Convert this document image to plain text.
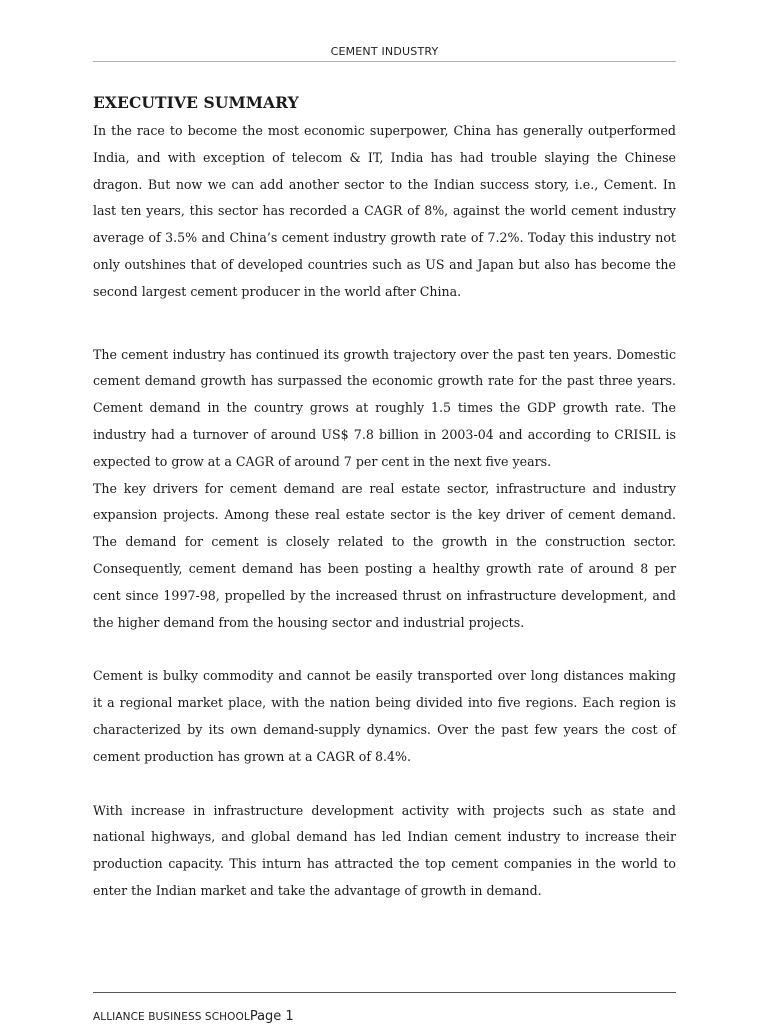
CEMENT INDUSTRY
EXECUTIVE SUMMARY

In the race to become the most economic superpower, China has generally outperformed India, and with exception of telecom & IT, India has had trouble slaying the Chinese dragon. But now we can add another sector to the Indian success story, i.e., Cement. In last ten years, this sector has recorded a CAGR of 8%, against the world cement industry average of 3.5% and China’s cement industry growth rate of 7.2%. Today this industry not only outshines that of developed countries such as US and Japan but also has become the second largest cement producer in the world after China.

The cement industry has continued its growth trajectory over the past ten years. Domestic cement demand growth has surpassed the economic growth rate for the past three years. Cement demand in the country grows at roughly 1.5 times the GDP growth rate. The industry had a turnover of around US$ 7.8 billion in 2003-04 and according to CRISIL is expected to grow at a CAGR of around 7 per cent in the next five years.

The key drivers for cement demand are real estate sector, infrastructure and industry expansion projects. Among these real estate sector is the key driver of cement demand. The demand for cement is closely related to the growth in the construction sector. Consequently, cement demand has been posting a healthy growth rate of around 8 per cent since 1997-98, propelled by the increased thrust on infrastructure development, and the higher demand from the housing sector and industrial projects.

Cement is bulky commodity and cannot be easily transported over long distances making it a regional market place, with the nation being divided into five regions. Each region is characterized by its own demand-supply dynamics. Over the past few years the cost of cement production has grown at a CAGR of 8.4%.

With increase in infrastructure development activity with projects such as state and national highways, and global demand has led Indian cement industry to increase their production capacity. This inturn has attracted the top cement companies in the world to enter the Indian market and take the advantage of growth in demand.

ALLIANCE BUSINESS SCHOOLPage 1
